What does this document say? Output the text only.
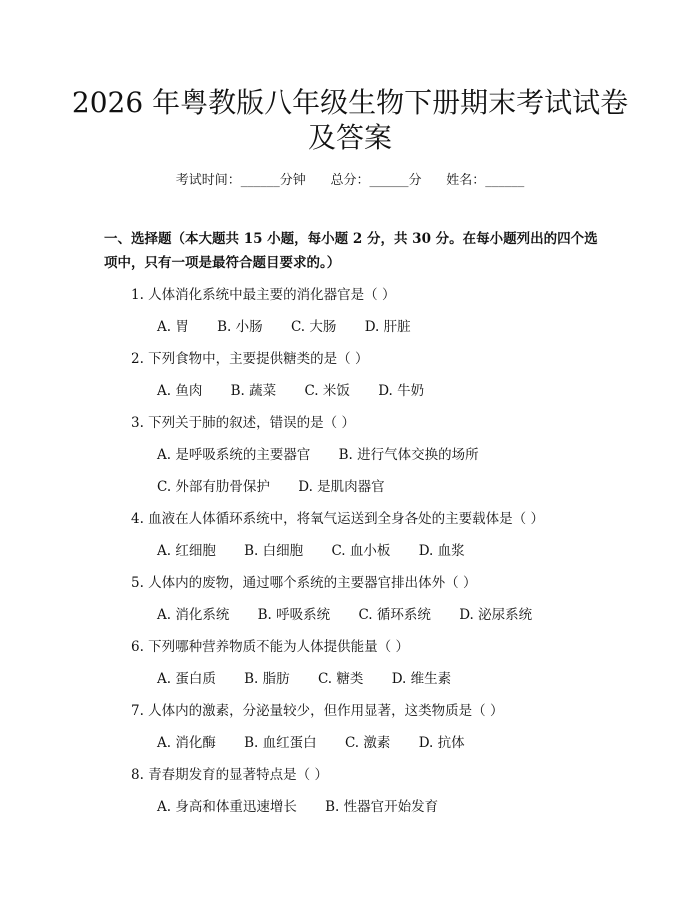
2026 年粤教版八年级生物下册期末考试试卷
及答案
考试时间：______分钟      总分：______分      姓名：______
一、选择题（本大题共 15 小题，每小题 2 分，共 30 分。在每小题列出的四个选
项中，只有一项是最符合题目要求的。）
1. 人体消化系统中最主要的消化器官是（ ）
A. 胃 B. 小肠 C. 大肠 D. 肝脏
2. 下列食物中，主要提供糖类的是（ ）
A. 鱼肉 B. 蔬菜 C. 米饭 D. 牛奶
3. 下列关于肺的叙述，错误的是（ ）
A. 是呼吸系统的主要器官 B. 进行气体交换的场所
C. 外部有肋骨保护 D. 是肌肉器官
4. 血液在人体循环系统中，将氧气运送到全身各处的主要载体是（ ）
A. 红细胞 B. 白细胞 C. 血小板 D. 血浆
5. 人体内的废物，通过哪个系统的主要器官排出体外（ ）
A. 消化系统 B. 呼吸系统 C. 循环系统 D. 泌尿系统
6. 下列哪种营养物质不能为人体提供能量（ ）
A. 蛋白质 B. 脂肪 C. 糖类 D. 维生素
7. 人体内的激素，分泌量较少，但作用显著，这类物质是（ ）
A. 消化酶 B. 血红蛋白 C. 激素 D. 抗体
8. 青春期发育的显著特点是（ ）
A. 身高和体重迅速增长 B. 性器官开始发育
